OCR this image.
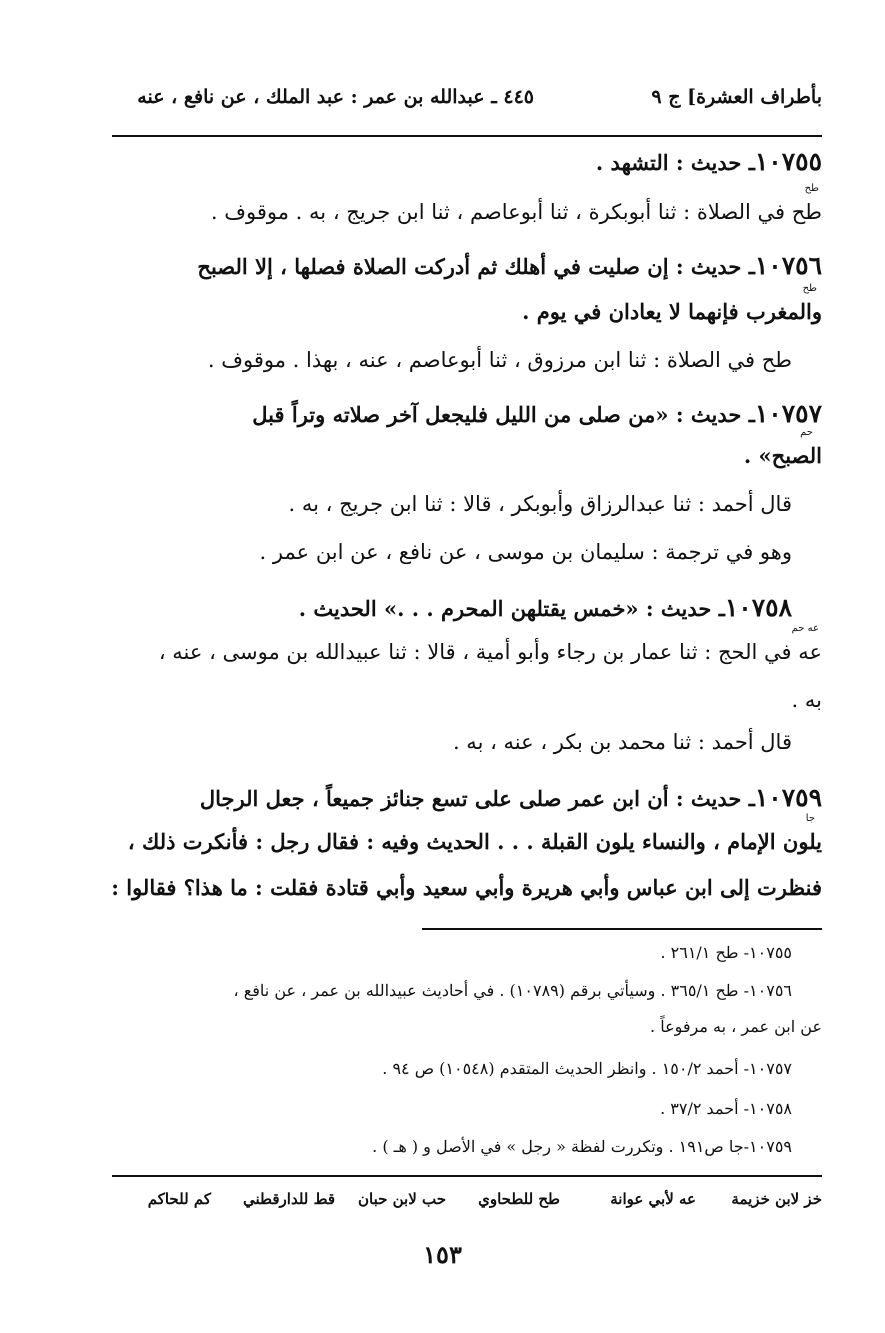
بأطراف العشرة] ج ٩
٤٤٥ ـ عبدالله بن عمر : عبد الملك ، عن نافع ، عنه
١٠٧٥٥ـ حديث : التشهد .
طح
طح في الصلاة : ثنا أبوبكرة ، ثنا أبوعاصم ، ثنا ابن جريج ، به . موقوف .
١٠٧٥٦ـ حديث : إن صليت في أهلك ثم أدركت الصلاة فصلها ، إلا الصبح
طح
والمغرب فإنهما لا يعادان في يوم .
طح في الصلاة : ثنا ابن مرزوق ، ثنا أبوعاصم ، عنه ، بهذا . موقوف .
١٠٧٥٧ـ حديث : «من صلى من الليل فليجعل آخر صلاته وتراً قبل
حم
الصبح» .
قال أحمد : ثنا عبدالرزاق وأبوبكر ، قالا : ثنا ابن جريج ، به .
وهو في ترجمة : سليمان بن موسى ، عن نافع ، عن ابن عمر .
١٠٧٥٨ـ حديث : «خمس يقتلهن المحرم . . .» الحديث .
عه حم
عه في الحج : ثنا عمار بن رجاء وأبو أمية ، قالا : ثنا عبيدالله بن موسى ، عنه ،
به .
قال أحمد : ثنا محمد بن بكر ، عنه ، به .
١٠٧٥٩ـ حديث : أن ابن عمر صلى على تسع جنائز جميعاً ، جعل الرجال
جا
يلون الإمام ، والنساء يلون القبلة . . . الحديث وفيه : فقال رجل : فأنكرت ذلك ،
فنظرت إلى ابن عباس وأبي هريرة وأبي سعيد وأبي قتادة فقلت : ما هذا؟ فقالوا :
١٠٧٥٥- طح ٢٦١/١ .
١٠٧٥٦- طح ٣٦٥/١ . وسيأتي برقم (١٠٧٨٩) . في أحاديث عبيدالله بن عمر ، عن نافع ،
عن ابن عمر ، به مرفوعاً .
١٠٧٥٧- أحمد ١٥٠/٢ . وانظر الحديث المتقدم (١٠٥٤٨) ص ٩٤ .
١٠٧٥٨- أحمد ٣٧/٢ .
١٠٧٥٩-جا ص١٩١ . وتكررت لفظة « رجل » في الأصل و ( هـ ) .
خز لابن خزيمة
عه لأبي عوانة
طح للطحاوي
حب لابن حبان
قط للدارقطني
كم للحاكم
١٥٣
